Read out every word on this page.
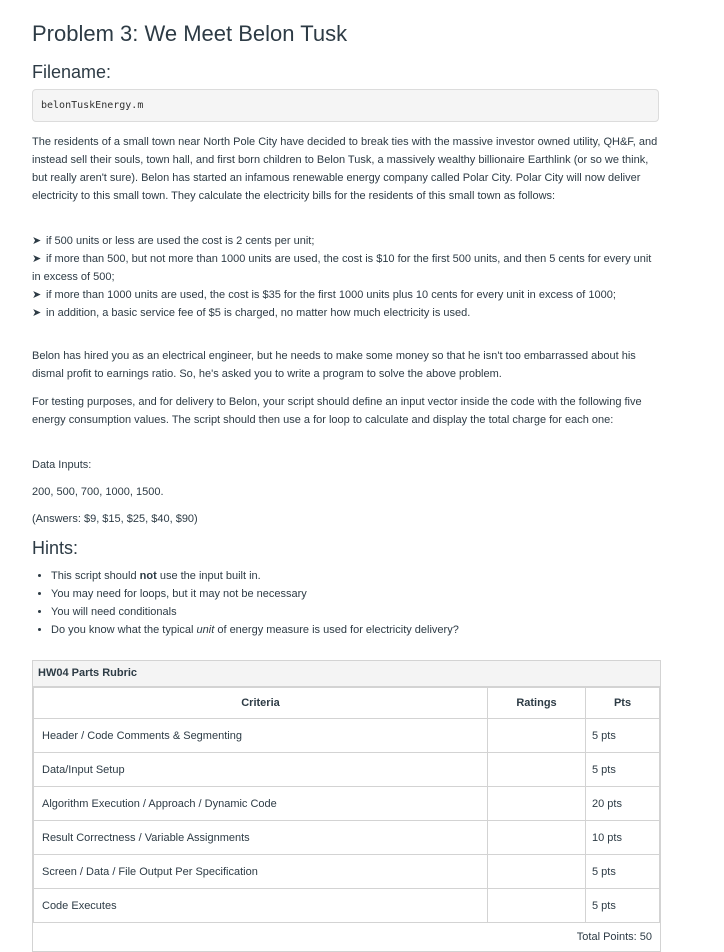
Problem 3: We Meet Belon Tusk
Filename:
belonTuskEnergy.m

The residents of a small town near North Pole City have decided to break ties with the massive investor owned utility, QH&F, and instead sell their souls, town hall, and first born children to Belon Tusk, a massively wealthy billionaire Earthlink (or so we think, but really aren't sure). Belon has started an infamous renewable energy company called Polar City. Polar City will now deliver electricity to this small town. They calculate the electricity bills for the residents of this small town as follows:

➤ if 500 units or less are used the cost is 2 cents per unit;

➤ if more than 500, but not more than 1000 units are used, the cost is $10 for the first 500 units, and then 5 cents for every unit in excess of 500;

➤ if more than 1000 units are used, the cost is $35 for the first 1000 units plus 10 cents for every unit in excess of 1000;

➤ in addition, a basic service fee of $5 is charged, no matter how much electricity is used.

Belon has hired you as an electrical engineer, but he needs to make some money so that he isn't too embarrassed about his dismal profit to earnings ratio. So, he's asked you to write a program to solve the above problem.

For testing purposes, and for delivery to Belon, your script should define an input vector inside the code with the following five energy consumption values. The script should then use a for loop to calculate and display the total charge for each one:

Data Inputs:

200, 500, 700, 1000, 1500.

(Answers: $9, $15, $25, $40, $90)

Hints:
• This script should not use the input built in.
• You may need for loops, but it may not be necessary
• You will need conditionals
• Do you know what the typical unit of energy measure is used for electricity delivery?
HW04 Parts Rubric
Criteria	Ratings	Pts
Header / Code Comments & Segmenting		5 pts
Data/Input Setup		5 pts
Algorithm Execution / Approach / Dynamic Code		20 pts
Result Correctness / Variable Assignments		10 pts
Screen / Data / File Output Per Specification		5 pts
Code Executes		5 pts
Total Points: 50
